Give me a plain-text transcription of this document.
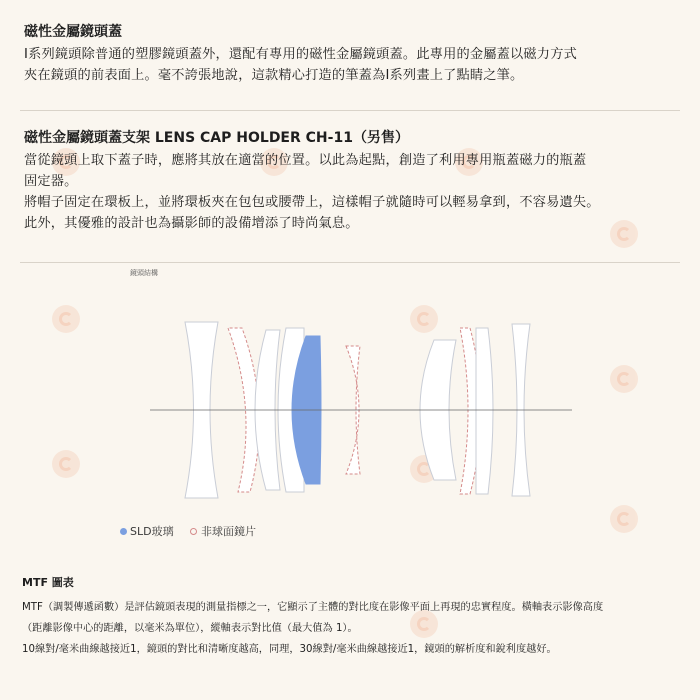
磁性金屬鏡頭蓋
I系列鏡頭除普通的塑膠鏡頭蓋外，還配有專用的磁性金屬鏡頭蓋。此專用的金屬蓋以磁力方式
夾在鏡頭的前表面上。毫不誇張地說，這款精心打造的筆蓋為I系列畫上了點睛之筆。
磁性金屬鏡頭蓋支架 LENS CAP HOLDER CH-11（另售）
當從鏡頭上取下蓋子時，應將其放在適當的位置。以此為起點，創造了利用專用瓶蓋磁力的瓶蓋
固定器。
將帽子固定在環板上，並將環板夾在包包或腰帶上，這樣帽子就隨時可以輕易拿到，不容易遺失。
此外，其優雅的設計也為攝影師的設備增添了時尚氣息。
鏡頭結構
SLD玻璃	非球面鏡片
MTF 圖表
MTF（調製傳遞函數）是評估鏡頭表現的測量指標之一，它顯示了主體的對比度在影像平面上再現的忠實程度。橫軸表示影像高度
（距離影像中心的距離，以毫米為單位），縱軸表示對比值（最大值為 1）。
10線對/毫米曲線越接近1，鏡頭的對比和清晰度越高，同理，30線對/毫米曲線越接近1，鏡頭的解析度和銳利度越好。
